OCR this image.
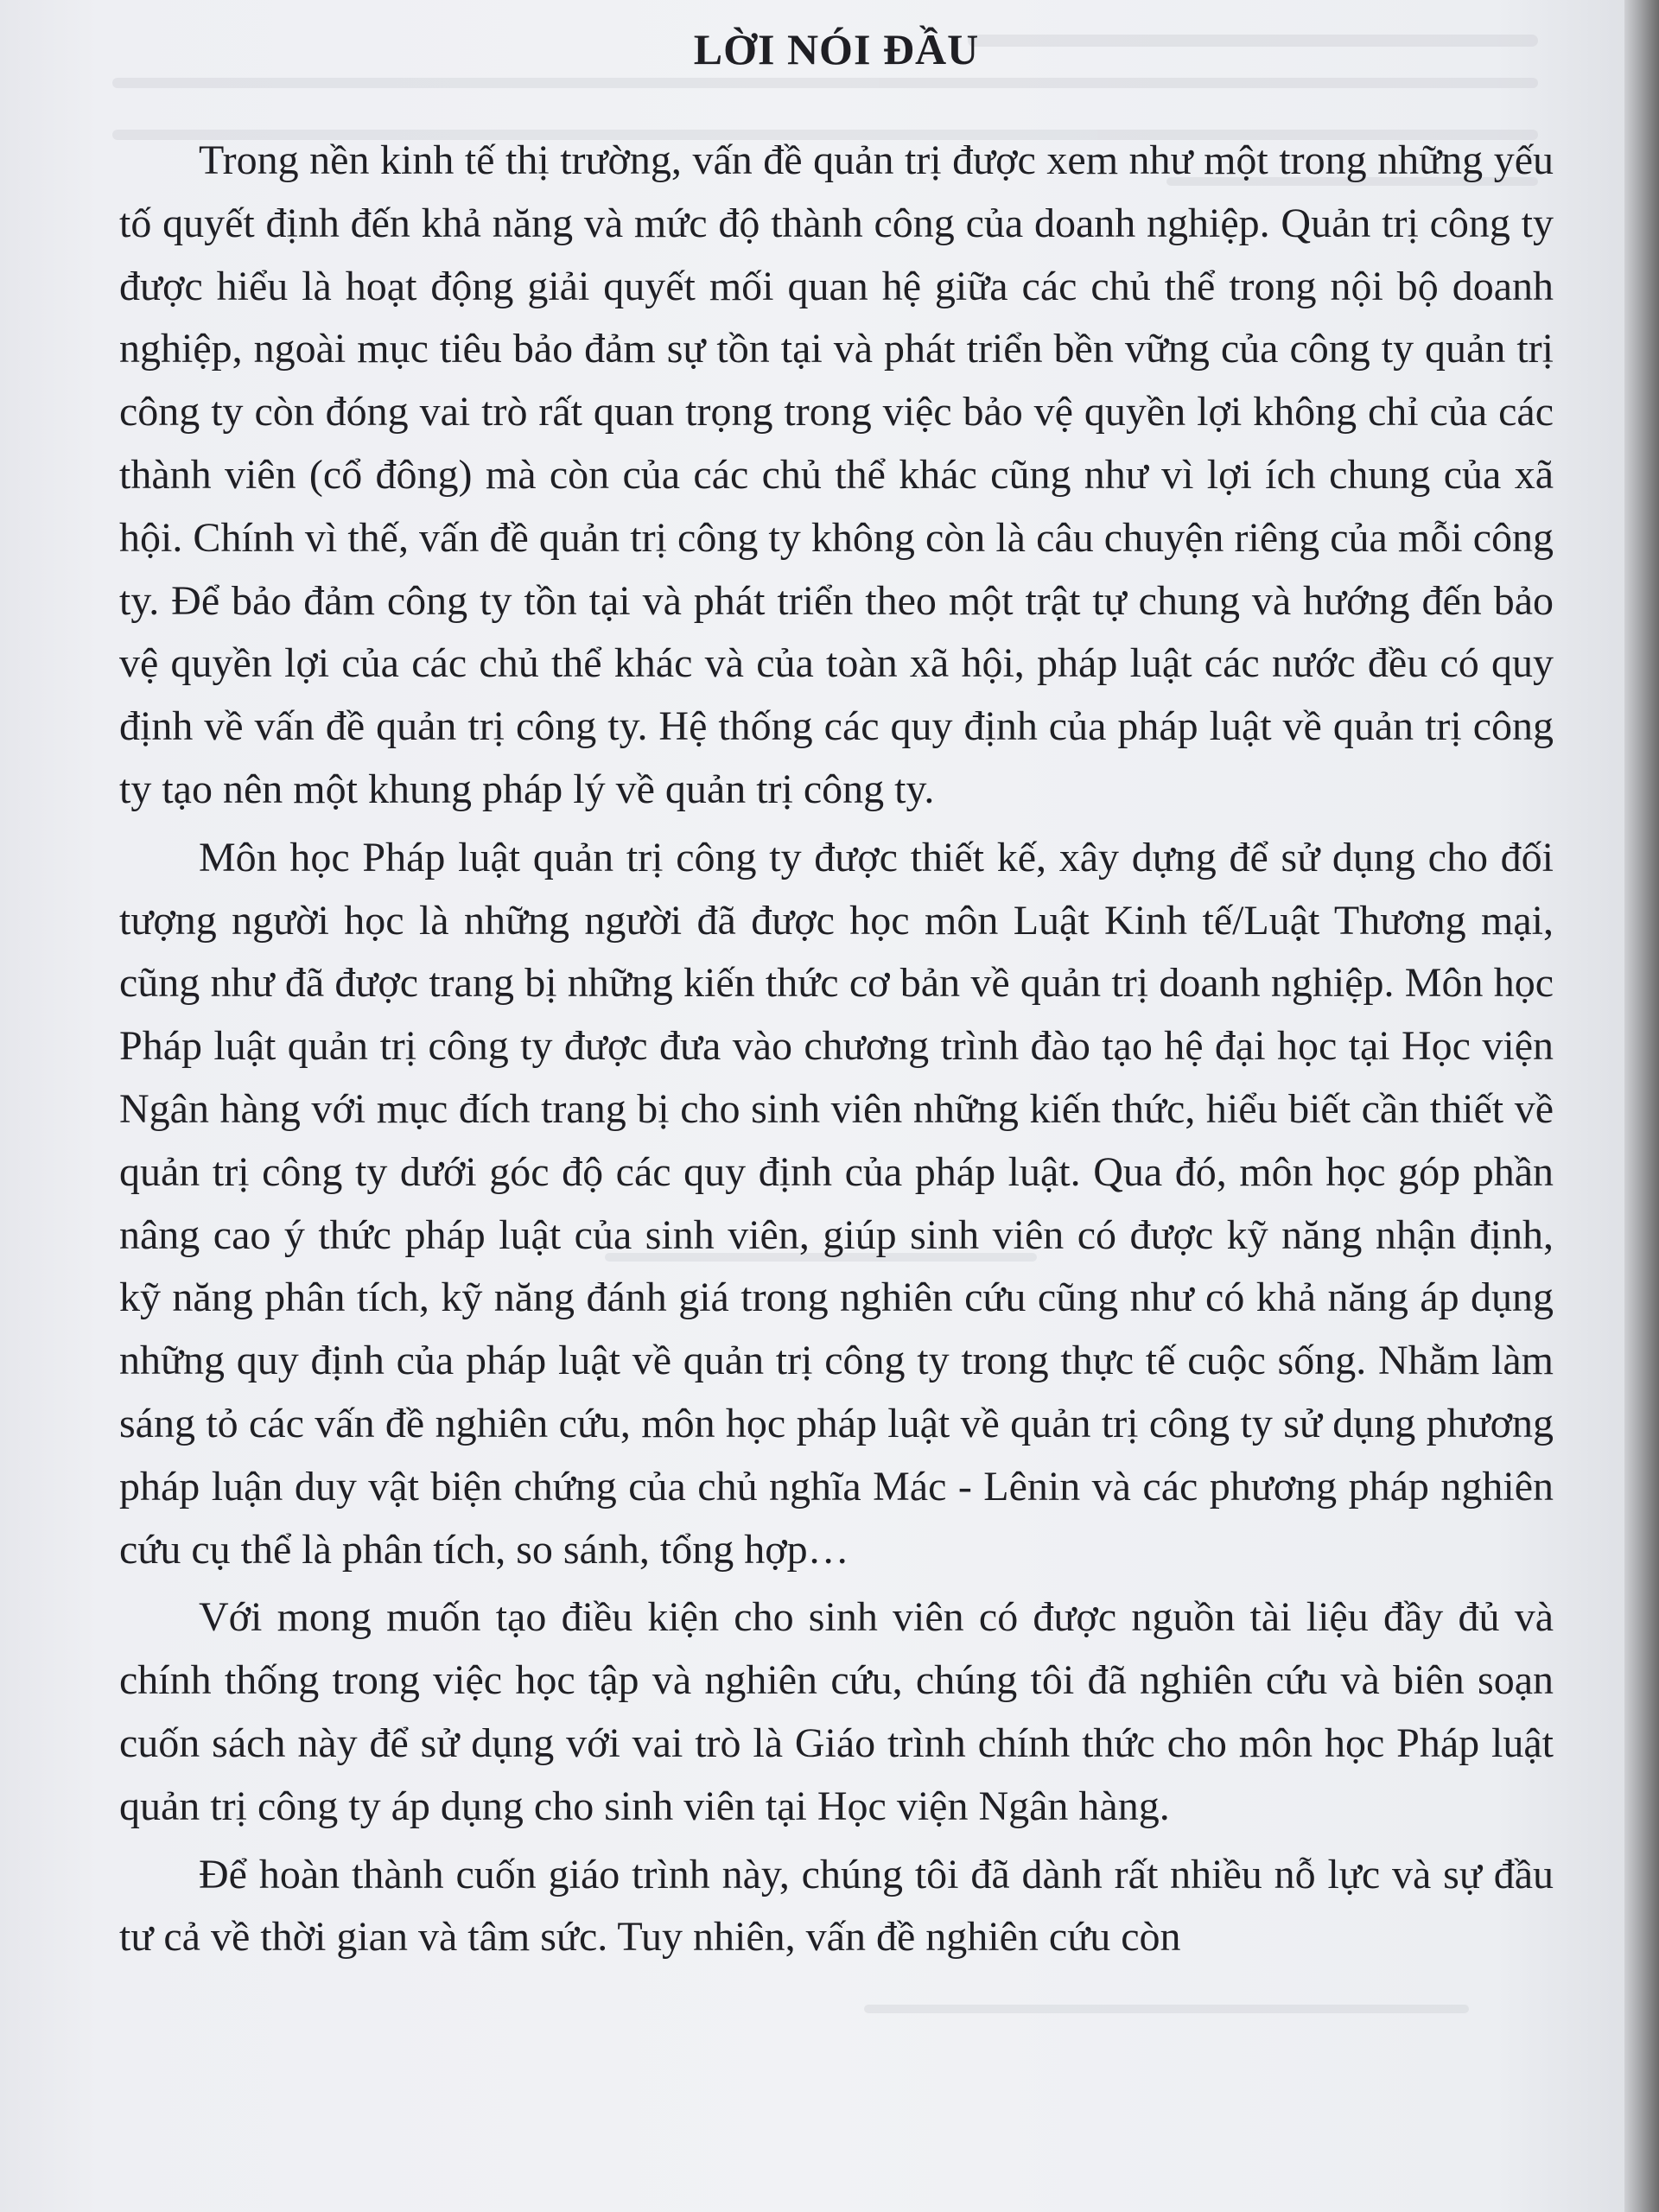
LỜI NÓI ĐẦU

Trong nền kinh tế thị trường, vấn đề quản trị được xem như một trong những yếu tố quyết định đến khả năng và mức độ thành công của doanh nghiệp. Quản trị công ty được hiểu là hoạt động giải quyết mối quan hệ giữa các chủ thể trong nội bộ doanh nghiệp, ngoài mục tiêu bảo đảm sự tồn tại và phát triển bền vững của công ty quản trị công ty còn đóng vai trò rất quan trọng trong việc bảo vệ quyền lợi không chỉ của các thành viên (cổ đông) mà còn của các chủ thể khác cũng như vì lợi ích chung của xã hội. Chính vì thế, vấn đề quản trị công ty không còn là câu chuyện riêng của mỗi công ty. Để bảo đảm công ty tồn tại và phát triển theo một trật tự chung và hướng đến bảo vệ quyền lợi của các chủ thể khác và của toàn xã hội, pháp luật các nước đều có quy định về vấn đề quản trị công ty. Hệ thống các quy định của pháp luật về quản trị công ty tạo nên một khung pháp lý về quản trị công ty.

Môn học Pháp luật quản trị công ty được thiết kế, xây dựng để sử dụng cho đối tượng người học là những người đã được học môn Luật Kinh tế/Luật Thương mại, cũng như đã được trang bị những kiến thức cơ bản về quản trị doanh nghiệp. Môn học Pháp luật quản trị công ty được đưa vào chương trình đào tạo hệ đại học tại Học viện Ngân hàng với mục đích trang bị cho sinh viên những kiến thức, hiểu biết cần thiết về quản trị công ty dưới góc độ các quy định của pháp luật. Qua đó, môn học góp phần nâng cao ý thức pháp luật của sinh viên, giúp sinh viên có được kỹ năng nhận định, kỹ năng phân tích, kỹ năng đánh giá trong nghiên cứu cũng như có khả năng áp dụng những quy định của pháp luật về quản trị công ty trong thực tế cuộc sống. Nhằm làm sáng tỏ các vấn đề nghiên cứu, môn học pháp luật về quản trị công ty sử dụng phương pháp luận duy vật biện chứng của chủ nghĩa Mác - Lênin và các phương pháp nghiên cứu cụ thể là phân tích, so sánh, tổng hợp…

Với mong muốn tạo điều kiện cho sinh viên có được nguồn tài liệu đầy đủ và chính thống trong việc học tập và nghiên cứu, chúng tôi đã nghiên cứu và biên soạn cuốn sách này để sử dụng với vai trò là Giáo trình chính thức cho môn học Pháp luật quản trị công ty áp dụng cho sinh viên tại Học viện Ngân hàng.

Để hoàn thành cuốn giáo trình này, chúng tôi đã dành rất nhiều nỗ lực và sự đầu tư cả về thời gian và tâm sức. Tuy nhiên, vấn đề nghiên cứu còn
